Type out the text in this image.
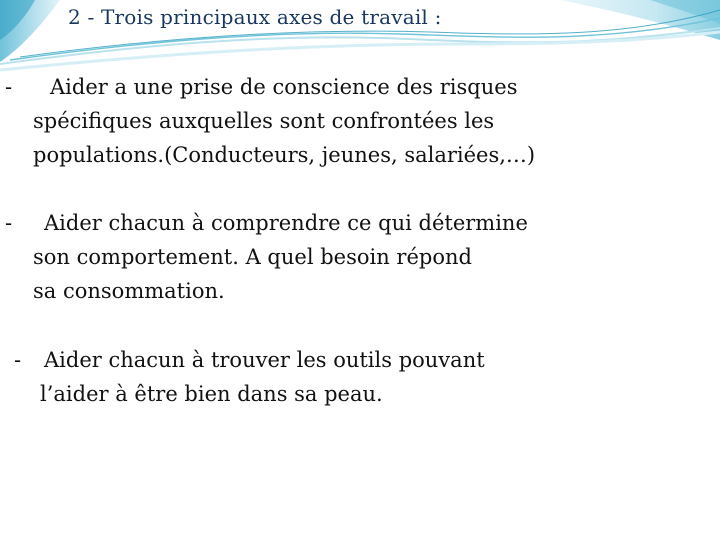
2 - Trois principaux axes de travail :
- Aider a une prise de conscience des risques
spécifiques auxquelles sont confrontées les
populations.(Conducteurs, jeunes, salariées,…)
- Aider chacun à comprendre ce qui détermine
son comportement. A quel besoin répond
sa consommation.
- Aider chacun à trouver les outils pouvant
l’aider à être bien dans sa peau.
